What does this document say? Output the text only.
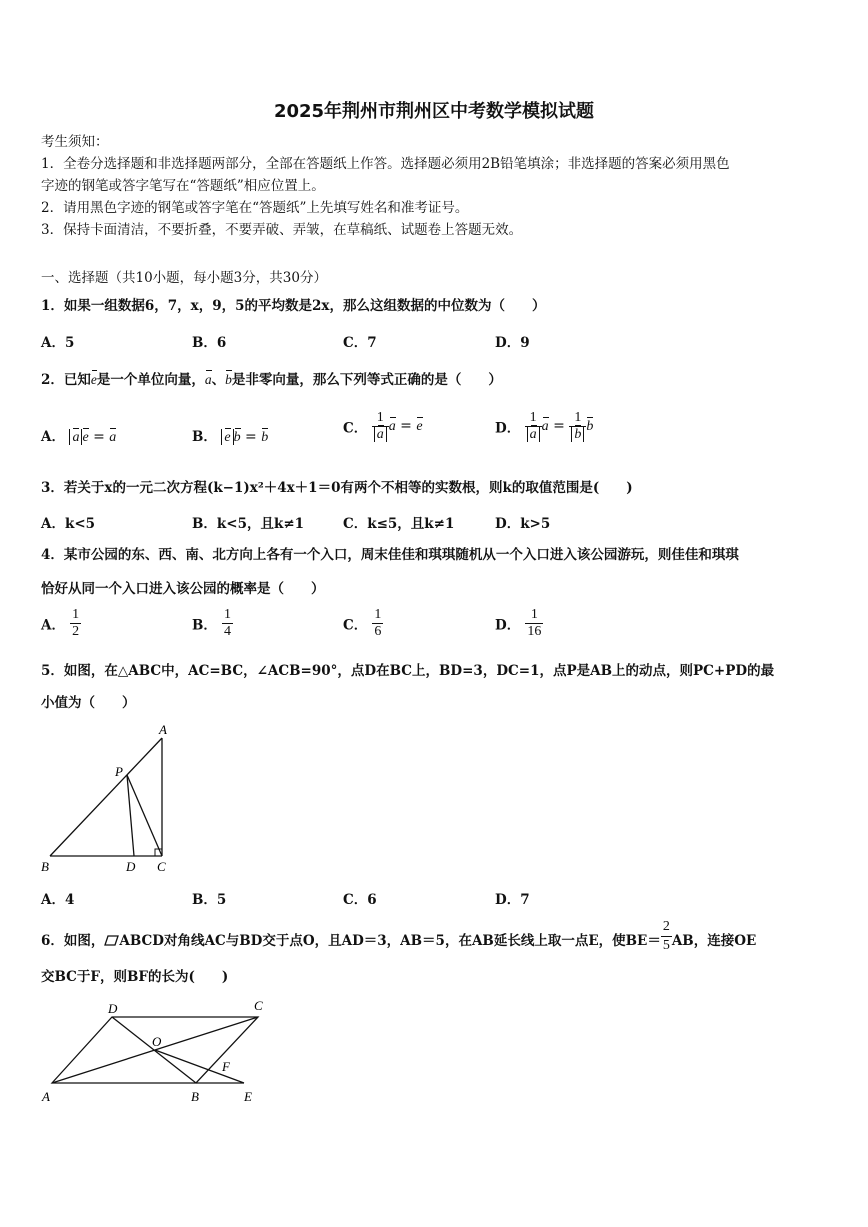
2025年荆州市荆州区中考数学模拟试题
考生须知：
1．全卷分选择题和非选择题两部分，全部在答题纸上作答。选择题必须用2B铅笔填涂；非选择题的答案必须用黑色
字迹的钢笔或答字笔写在“答题纸”相应位置上。
2．请用黑色字迹的钢笔或答字笔在“答题纸”上先填写姓名和准考证号。
3．保持卡面清洁，不要折叠，不要弄破、弄皱，在草稿纸、试题卷上答题无效。
一、选择题（共10小题，每小题3分，共30分）
1．如果一组数据6，7，x，9，5的平均数是2x，那么这组数据的中位数为（　　）
A．5	B．6	C．7	D．9
2．已知e是一个单位向量，a、b是非零向量，那么下列等式正确的是（　　）
A． a e = a	B． e b = b
C． $\frac{1}{a}$ a = e	D． $\frac{1}{a}$ $a = \frac{1}{b}$ b
3．若关于x的一元二次方程(k−1)x²＋4x＋1＝0有两个不相等的实数根，则k的取值范围是(　　)
A．k<5	B．k<5，且k≠1	C．k≤5，且k≠1	D．k>5
4．某市公园的东、西、南、北方向上各有一个入口，周末佳佳和琪琪随机从一个入口进入该公园游玩，则佳佳和琪琪
恰好从同一个入口进入该公园的概率是（　　）
A． $\frac{1}{2}$	B． $\frac{1}{4}$	C． $\frac{1}{6}$	D． $\frac{1}{16}$
5．如图，在△ABC中，AC=BC，∠ACB=90°，点D在BC上，BD=3，DC=1，点P是AB上的动点，则PC+PD的最
小值为（　　）
A
P
B	D C
A．4	B．5	C．6	D．7
6．如图， ABCD对角线AC与BD交于点O，且AD＝3，AB＝5，在AB延长线上取一点E，使$BE= \frac{2}{5}$ AB，连接OE
交BC于F，则BF的长为(　　)
D	C
O
F
A	B	E
